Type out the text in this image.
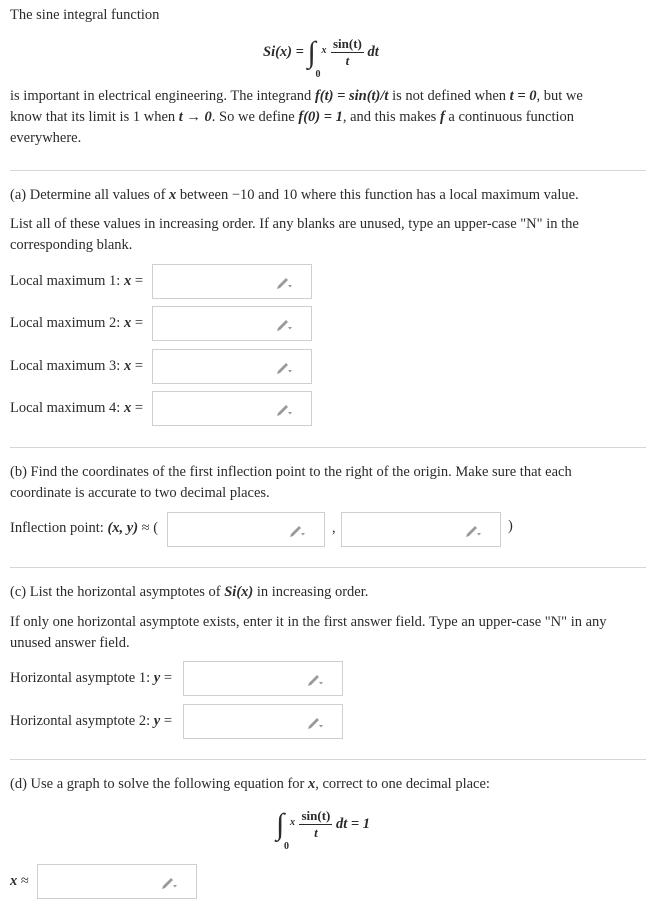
The sine integral function
Si(x) = ∫ x
0

$\frac{\sin(t)}{t}$ dt
is important in electrical engineering. The integrand f(t) = sin(t)/t is not defined when t = 0, but we
know that its limit is 1 when t → 0. So we define f(0) = 1, and this makes f a continuous function
everywhere.
(a) Determine all values of x between −10 and 10 where this function has a local maximum value.
List all of these values in increasing order. If any blanks are unused, type an upper-case "N" in the corresponding blank.
Local maximum 1: x =
Local maximum 2: x =
Local maximum 3: x =
Local maximum 4: x =
(b) Find the coordinates of the first inflection point to the right of the origin. Make sure that each coordinate is accurate to two decimal places.
Inflection point: (x, y) ≈ (	,	)
(c) List the horizontal asymptotes of Si(x) in increasing order.
If only one horizontal asymptote exists, enter it in the first answer field. Type an upper-case "N" in any unused answer field.
Horizontal asymptote 1: y =
Horizontal asymptote 2: y =
(d) Use a graph to solve the following equation for x, correct to one decimal place:
∫ x
0

$\frac{\sin(t)}{t}$ dt = 1
x ≈
